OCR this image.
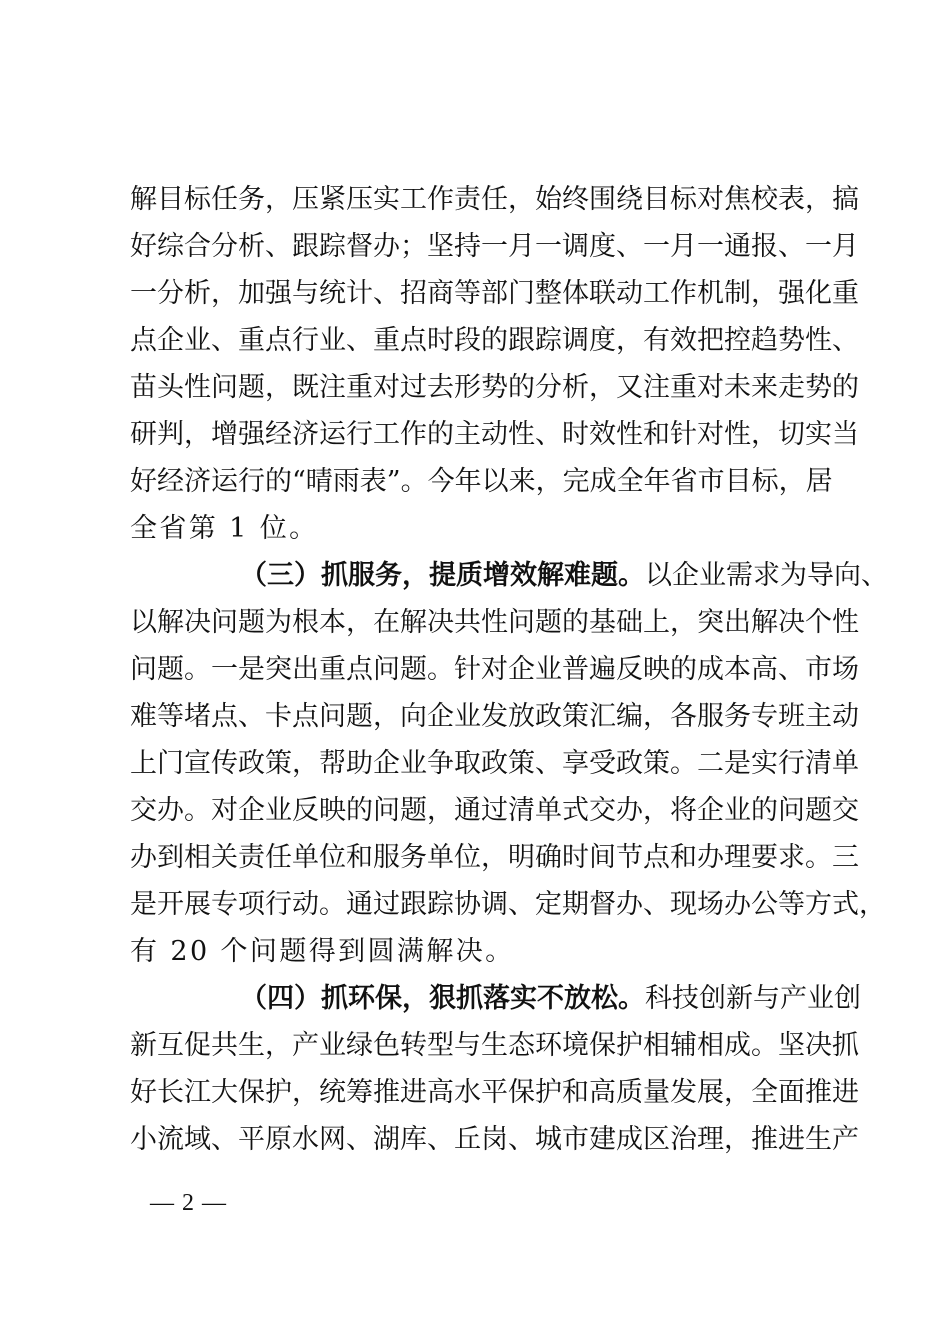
解目标任务，压紧压实工作责任，始终围绕目标对焦校表，搞
好综合分析、跟踪督办；坚持一月一调度、一月一通报、一月
一分析，加强与统计、招商等部门整体联动工作机制，强化重
点企业、重点行业、重点时段的跟踪调度，有效把控趋势性、
苗头性问题，既注重对过去形势的分析，又注重对未来走势的
研判，增强经济运行工作的主动性、时效性和针对性，切实当
好经济运行的“晴雨表”。今年以来，完成全年省市目标，居
全省第 1 位。
（三）抓服务，提质增效解难题。以企业需求为导向、
以解决问题为根本，在解决共性问题的基础上，突出解决个性
问题。一是突出重点问题。针对企业普遍反映的成本高、市场
难等堵点、卡点问题，向企业发放政策汇编，各服务专班主动
上门宣传政策，帮助企业争取政策、享受政策。二是实行清单
交办。对企业反映的问题，通过清单式交办，将企业的问题交
办到相关责任单位和服务单位，明确时间节点和办理要求。三
是开展专项行动。通过跟踪协调、定期督办、现场办公等方式，
有 20 个问题得到圆满解决。
（四）抓环保，狠抓落实不放松。科技创新与产业创
新互促共生，产业绿色转型与生态环境保护相辅相成。坚决抓
好长江大保护，统筹推进高水平保护和高质量发展，全面推进
小流域、平原水网、湖库、丘岗、城市建成区治理，推进生产
— 2 —
